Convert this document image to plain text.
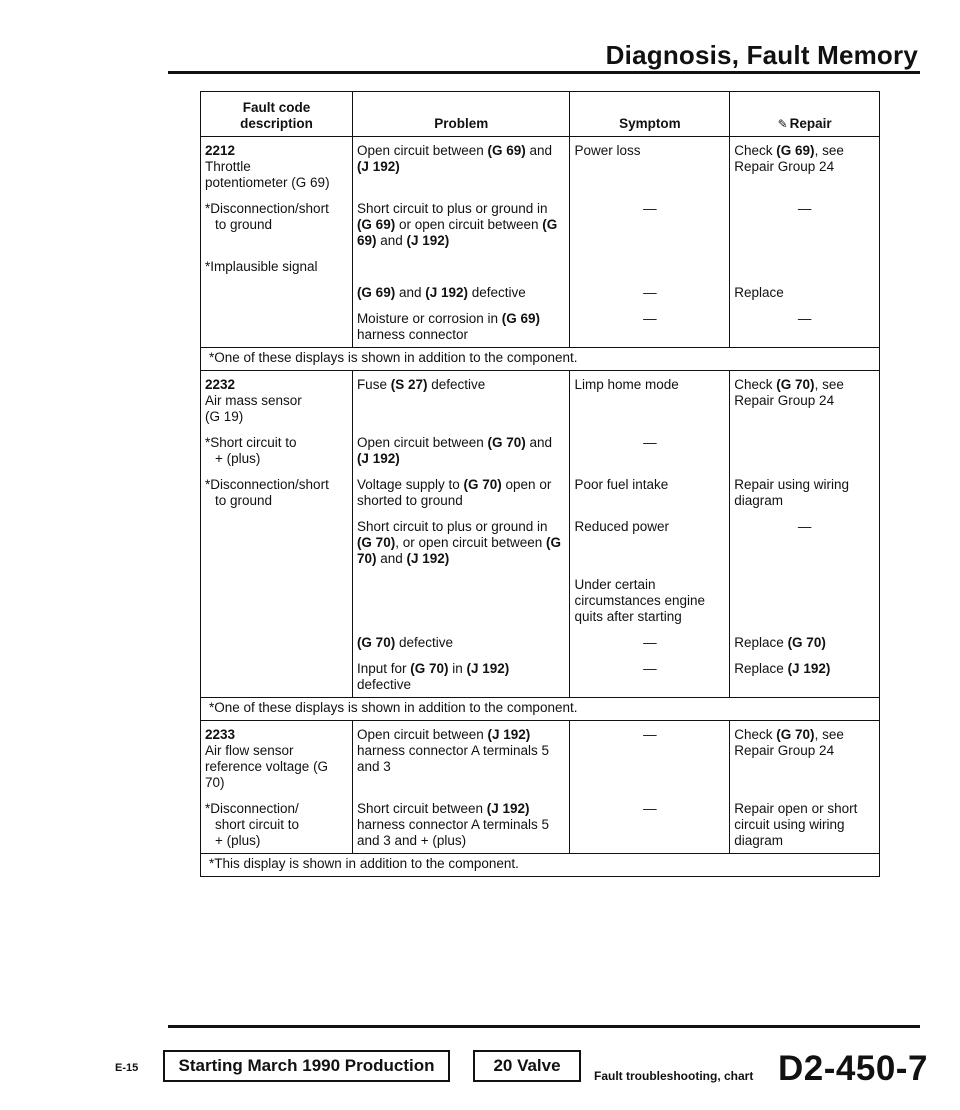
Diagnosis, Fault Memory
Fault code description	Problem	Symptom	✎ Repair

2212
Throttle
potentiometer (G 69)	Open circuit between (G 69) and (J 192)	Power loss	Check (G 69), see Repair Group 24

*Disconnection/short
to ground	Short circuit to plus or ground in (G 69) or open circuit between (G 69) and (J 192)	—	—

*Implausible signal			

	(G 69) and (J 192) defective	—	Replace
	Moisture or corrosion in (G 69) harness connector	—	—
*One of these displays is shown in addition to the component.			

2232
Air mass sensor
(G 19)	Fuse (S 27) defective	Limp home mode	Check (G 70), see Repair Group 24

*Short circuit to
+ (plus)	Open circuit between (G 70) and (J 192)	—	

*Disconnection/short
to ground	Voltage supply to (G 70) open or shorted to ground	Poor fuel intake	Repair using wiring diagram
	Short circuit to plus or ground in (G 70), or open circuit between (G 70) and (J 192)	Reduced power	—
		Under certain circumstances engine quits after starting	
	(G 70) defective	—	Replace (G 70)
	Input for (G 70) in (J 192) defective	—	Replace (J 192)
*One of these displays is shown in addition to the component.			

2233
Air flow sensor
reference voltage (G
70)	Open circuit between (J 192) harness connector A terminals 5 and 3	—	Check (G 70), see Repair Group 24

*Disconnection/
short circuit to
+ (plus)	Short circuit between (J 192) harness connector A terminals 5 and 3 and + (plus)	—	Repair open or short circuit using wiring diagram
*This display is shown in addition to the component.			
E-15	Starting March 1990 Production	20 Valve
Fault troubleshooting, chart D2-450-7
